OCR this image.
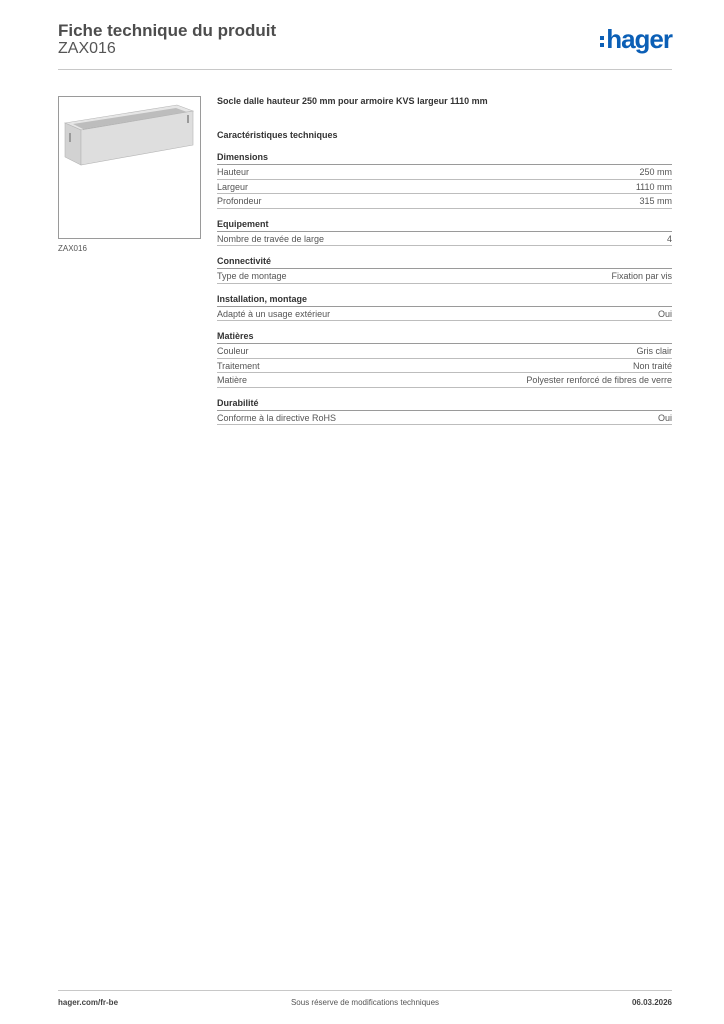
Fiche technique du produit
ZAX016	hager
ZAX016
Socle dalle hauteur 250 mm pour armoire KVS largeur 1110 mm
Caractéristiques techniques
Dimensions
Hauteur	250 mm
Largeur	1110 mm
Profondeur	315 mm
Equipement
Nombre de travée de large	4
Connectivité
Type de montage	Fixation par vis
Installation, montage
Adapté à un usage extérieur	Oui
Matières
Couleur	Gris clair
Traitement	Non traité
Matière	Polyester renforcé de fibres de verre
Durabilité
Conforme à la directive RoHS	Oui
Sous réserve de modifications techniques
hager.com/fr-be	06.03.2026
